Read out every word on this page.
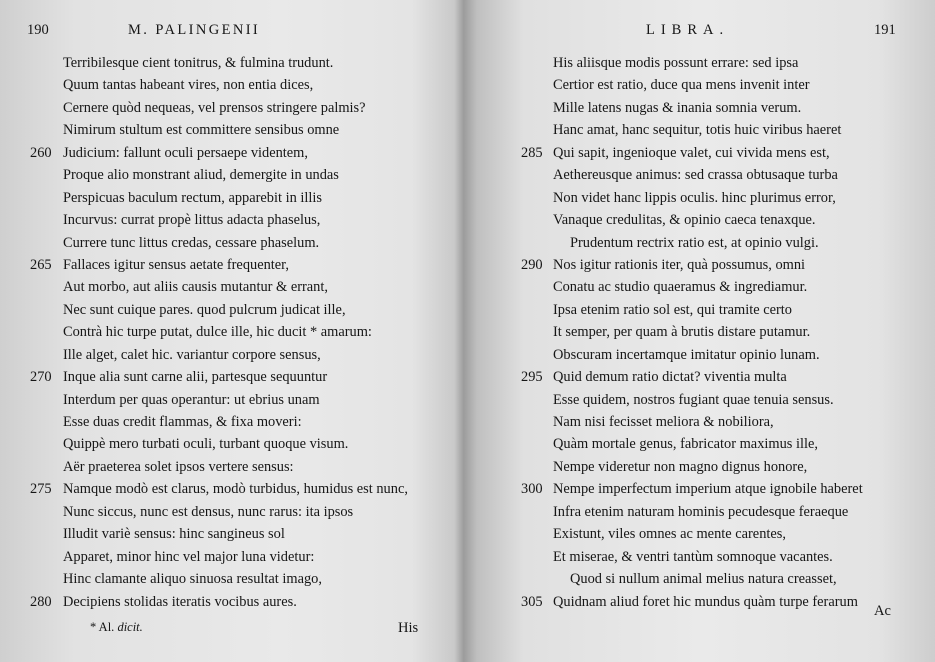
190	M. PALINGENII
Terribilesque cient tonitrus, & fulmina trudunt.
Quum tantas habeant vires, non entia dices,
Cernere quòd nequeas, vel prensos stringere palmis?
Nimirum stultum est committere sensibus omne
260 Judicium: fallunt oculi persaepe videntem,
Proque alio monstrant aliud, demergite in undas
Perspicuas baculum rectum, apparebit in illis
Incurvus: currat propè littus adacta phaselus,
Currere tunc littus credas, cessare phaselum.
265 Fallaces igitur sensus aetate frequenter,
Aut morbo, aut aliis causis mutantur & errant,
Nec sunt cuique pares. quod pulcrum judicat ille,
Contrà hic turpe putat, dulce ille, hic ducit * amarum:
Ille alget, calet hic. variantur corpore sensus,
270 Inque alia sunt carne alii, partesque sequuntur
Interdum per quas operantur: ut ebrius unam
Esse duas credit flammas, & fixa moveri:
Quippè mero turbati oculi, turbant quoque visum.
Aër praeterea solet ipsos vertere sensus:
275 Namque modò est clarus, modò turbidus, humidus est nunc,
Nunc siccus, nunc est densus, nunc rarus: ita ipsos
Illudit variè sensus: hinc sangineus sol
Apparet, minor hinc vel major luna videtur:
Hinc clamante aliquo sinuosa resultat imago,
280 Decipiens stolidas iteratis vocibus aures.
* Al. dicit.	His
LIBRA.	191
His aliisque modis possunt errare: sed ipsa
Certior est ratio, duce qua mens invenit inter
Mille latens nugas & inania somnia verum.
Hanc amat, hanc sequitur, totis huic viribus haeret
285 Qui sapit, ingenioque valet, cui vivida mens est,
Aethereusque animus: sed crassa obtusaque turba
Non videt hanc lippis oculis. hinc plurimus error,
Vanaque credulitas, & opinio caeca tenaxque.
Prudentum rectrix ratio est, at opinio vulgi.
290 Nos igitur rationis iter, quà possumus, omni
Conatu ac studio quaeramus & ingrediamur.
Ipsa etenim ratio sol est, qui tramite certo
It semper, per quam à brutis distare putamur.
Obscuram incertamque imitatur opinio lunam.
295 Quid demum ratio dictat? viventia multa
Esse quidem, nostros fugiant quae tenuia sensus.
Nam nisi fecisset meliora & nobiliora,
Quàm mortale genus, fabricator maximus ille,
Nempe videretur non magno dignus honore,
300 Nempe imperfectum imperium atque ignobile haberet
Infra etenim naturam hominis pecudesque feraeque
Existunt, viles omnes ac mente carentes,
Et miserae, & ventri tantùm somnoque vacantes.
Quod si nullum animal melius natura creasset,
305 Quidnam aliud foret hic mundus quàm turpe ferarum
Ac
